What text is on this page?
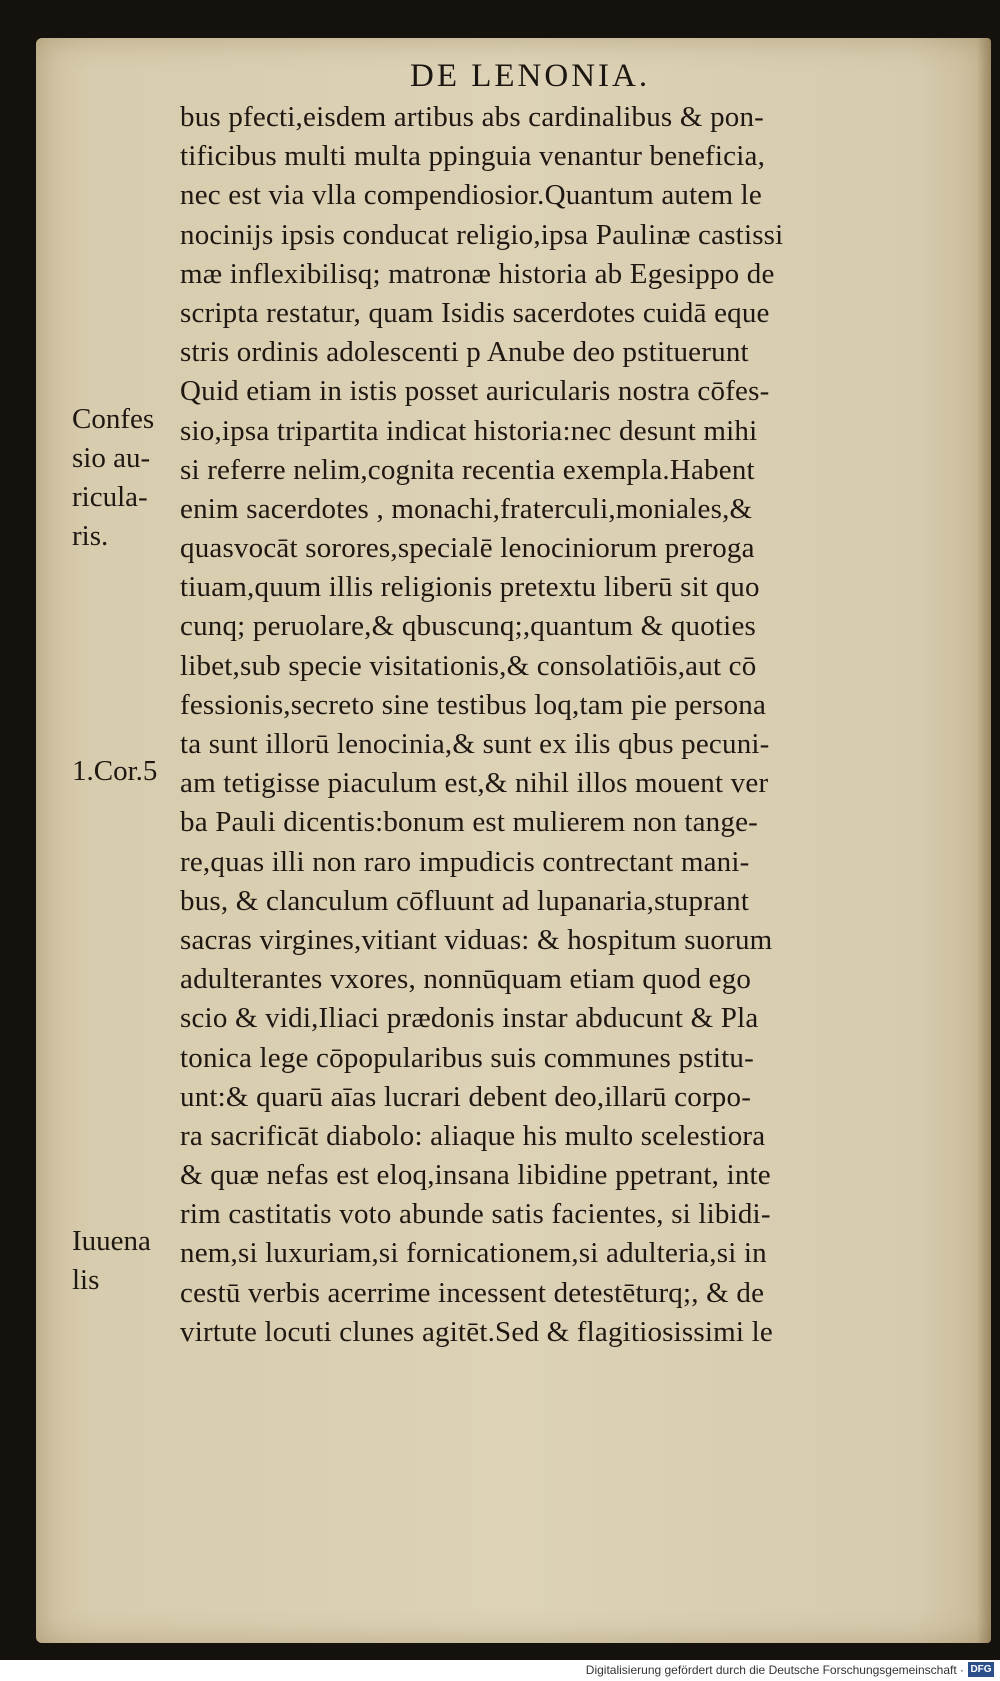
DE LENONIA.
bus pfecti,eisdem artibus abs cardinalibus & pon-
tificibus multi multa ppinguia venantur beneficia,
nec est via vlla compendiosior.Quantum autem le
nocinijs ipsis conducat religio,ipsa Paulinæ castissi
mæ inflexibilisq; matronæ historia ab Egesippo de
scripta restatur, quam Isidis sacerdotes cuidā eque
stris ordinis adolescenti p Anube deo pstituerunt
Quid etiam in istis posset auricularis nostra cōfes-
sio,ipsa tripartita indicat historia:nec desunt mihi
si referre nelim,cognita recentia exempla.Habent
enim sacerdotes , monachi,fraterculi,moniales,&
quasvocāt sorores,specialē lenociniorum preroga
tiuam,quum illis religionis pretextu liberū sit quo
cunq; peruolare,& qbuscunq;,quantum & quoties
libet,sub specie visitationis,& consolatiōis,aut cō
fessionis,secreto sine testibus loq,tam pie persona
ta sunt illorū lenocinia,& sunt ex ilis qbus pecuni-
am tetigisse piaculum est,& nihil illos mouent ver
ba Pauli dicentis:bonum est mulierem non tange-
re,quas illi non raro impudicis contrectant mani-
bus, & clanculum cōfluunt ad lupanaria,stuprant
sacras virgines,vitiant viduas: & hospitum suorum
adulterantes vxores, nonnūquam etiam quod ego
scio & vidi,Iliaci prædonis instar abducunt & Pla
tonica lege cōpopularibus suis communes pstitu-
unt:& quarū aīas lucrari debent deo,illarū corpo-
ra sacrificāt diabolo: aliaque his multo scelestiora
& quæ nefas est eloq,insana libidine ppetrant, inte
rim castitatis voto abunde satis facientes, si libidi-
nem,si luxuriam,si fornicationem,si adulteria,si in
cestū verbis acerrime incessent detestēturq;, & de
virtute locuti clunes agitēt.Sed & flagitiosissimi le
Confes
sio au-
ricula-
ris.
1.Cor.5
Iuuena
lis
Digitalisierung gefördert durch die Deutsche Forschungsgemeinschaft · DFG
